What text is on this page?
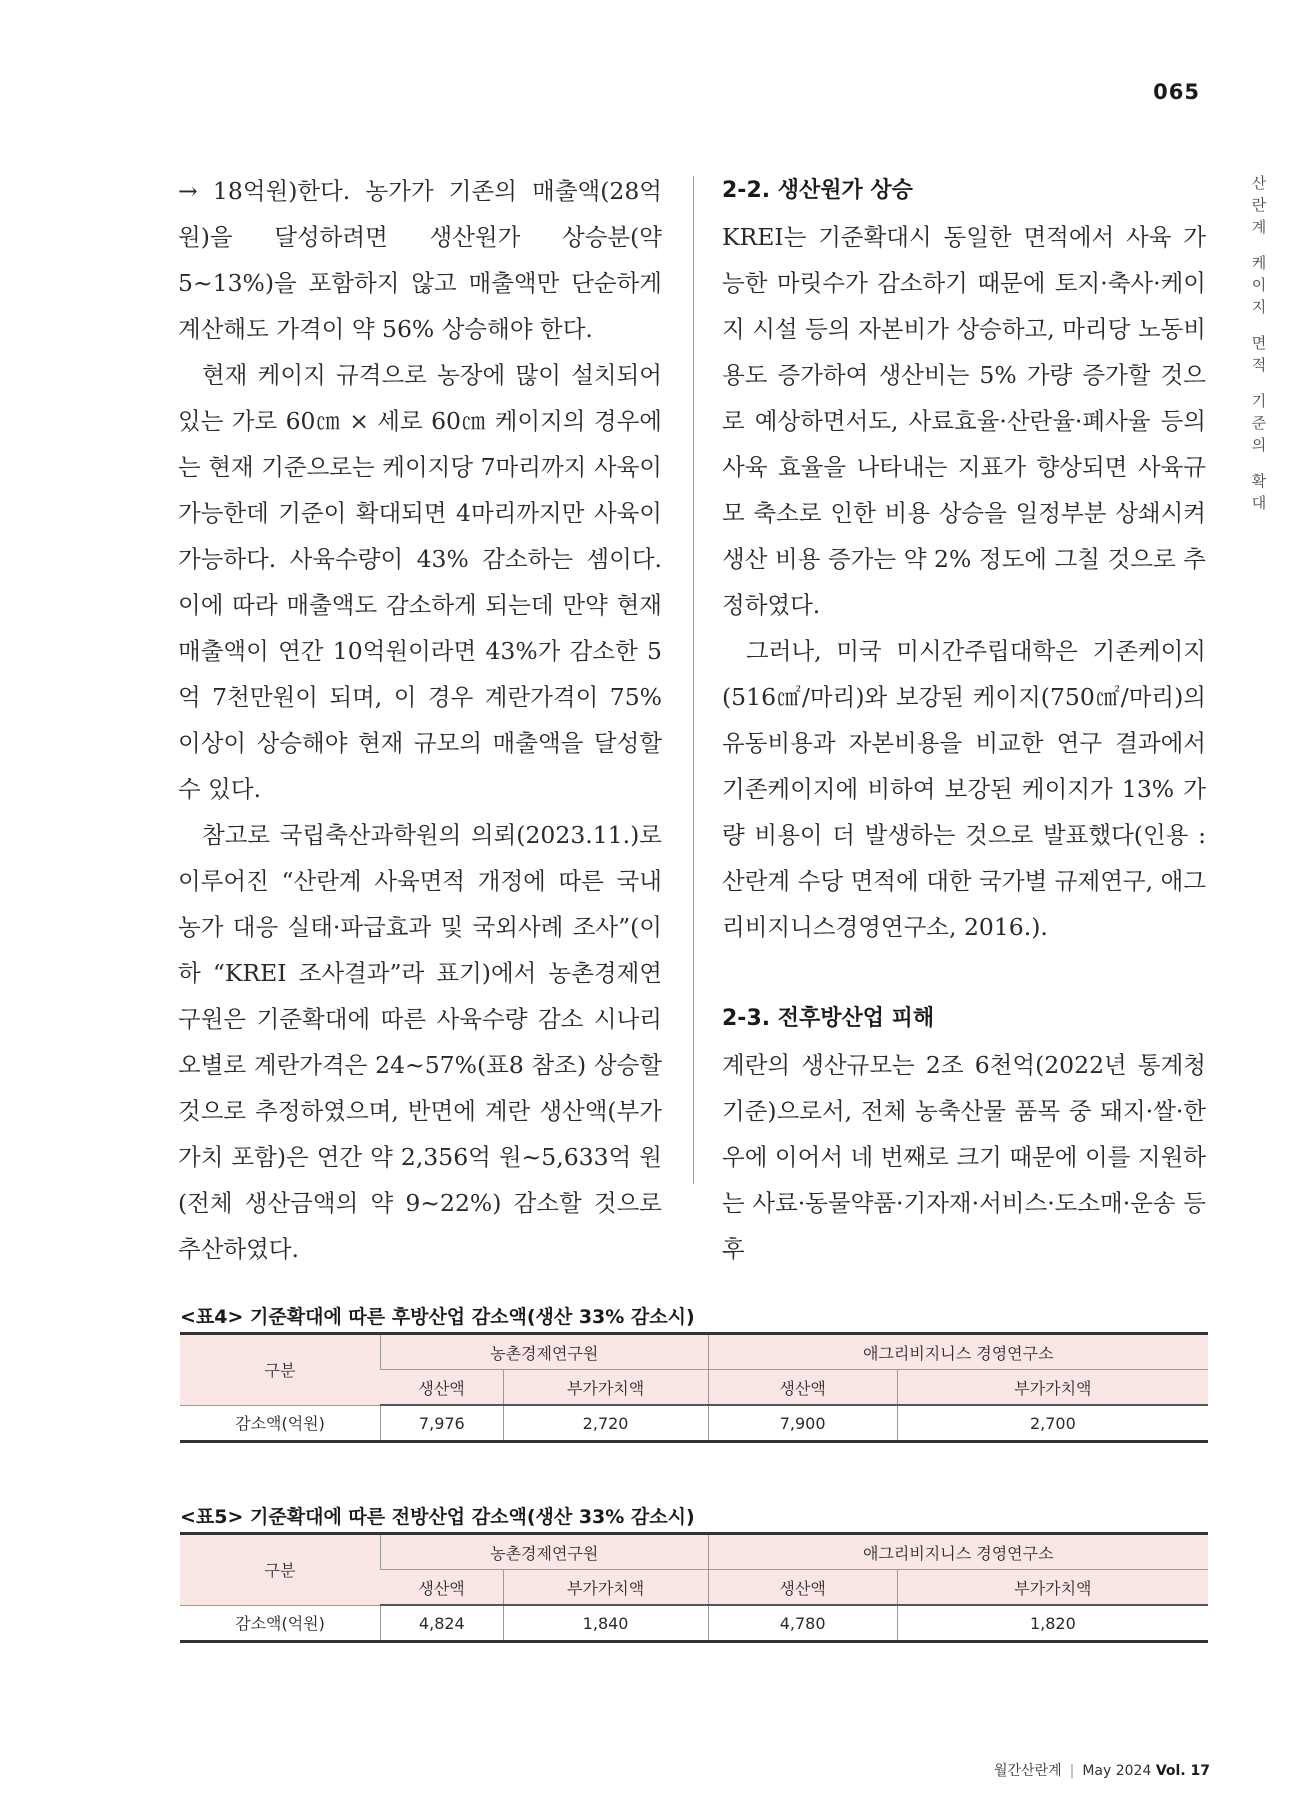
065
산
란
계
케
이
지
면
적
기
준
의
확
대

→ 18억원)한다. 농가가 기존의 매출액(28억원)을 달성하려면 생산원가 상승분(약 5~13%)을 포함하지 않고 매출액만 단순하게 계산해도 가격이 약 56% 상승해야 한다.

현재 케이지 규격으로 농장에 많이 설치되어 있는 가로 60㎝ × 세로 60㎝ 케이지의 경우에는 현재 기준으로는 케이지당 7마리까지 사육이 가능한데 기준이 확대되면 4마리까지만 사육이 가능하다. 사육수량이 43% 감소하는 셈이다. 이에 따라 매출액도 감소하게 되는데 만약 현재 매출액이 연간 10억원이라면 43%가 감소한 5억 7천만원이 되며, 이 경우 계란가격이 75% 이상이 상승해야 현재 규모의 매출액을 달성할 수 있다.

참고로 국립축산과학원의 의뢰(2023.11.)로 이루어진 “산란계 사육면적 개정에 따른 국내 농가 대응 실태·파급효과 및 국외사례 조사”(이하 “KREI 조사결과”라 표기)에서 농촌경제연구원은 기준확대에 따른 사육수량 감소 시나리오별로 계란가격은 24~57%(표8 참조) 상승할 것으로 추정하였으며, 반면에 계란 생산액(부가가치 포함)은 연간 약 2,356억 원~5,633억 원(전체 생산금액의 약 9~22%) 감소할 것으로 추산하였다.

2-2. 생산원가 상승

KREI는 기준확대시 동일한 면적에서 사육 가능한 마릿수가 감소하기 때문에 토지·축사·케이지 시설 등의 자본비가 상승하고, 마리당 노동비용도 증가하여 생산비는 5% 가량 증가할 것으로 예상하면서도, 사료효율·산란율·폐사율 등의 사육 효율을 나타내는 지표가 향상되면 사육규모 축소로 인한 비용 상승을 일정부분 상쇄시켜 생산 비용 증가는 약 2% 정도에 그칠 것으로 추정하였다.

그러나, 미국 미시간주립대학은 기존케이지(516㎠/마리)와 보강된 케이지(750㎠/마리)의 유동비용과 자본비용을 비교한 연구 결과에서 기존케이지에 비하여 보강된 케이지가 13% 가량 비용이 더 발생하는 것으로 발표했다(인용 : 산란계 수당 면적에 대한 국가별 규제연구, 애그리비지니스경영연구소, 2016.).

2-3. 전후방산업 피해

계란의 생산규모는 2조 6천억(2022년 통계청 기준)으로서, 전체 농축산물 품목 중 돼지·쌀·한우에 이어서 네 번째로 크기 때문에 이를 지원하는 사료·동물약품·기자재·서비스·도소매·운송 등 후

<표4> 기준확대에 따른 후방산업 감소액(생산 33% 감소시)
구분	농촌경제연구원		애그리비지니스 경영연구소	
	생산액	부가가치액	생산액	부가가치액
감소액(억원)	7,976	2,720	7,900	2,700
<표5> 기준확대에 따른 전방산업 감소액(생산 33% 감소시)
구분	농촌경제연구원		애그리비지니스 경영연구소	
	생산액	부가가치액	생산액	부가가치액
감소액(억원)	4,824	1,840	4,780	1,820
월간산란계 | May 2024 Vol. 17
